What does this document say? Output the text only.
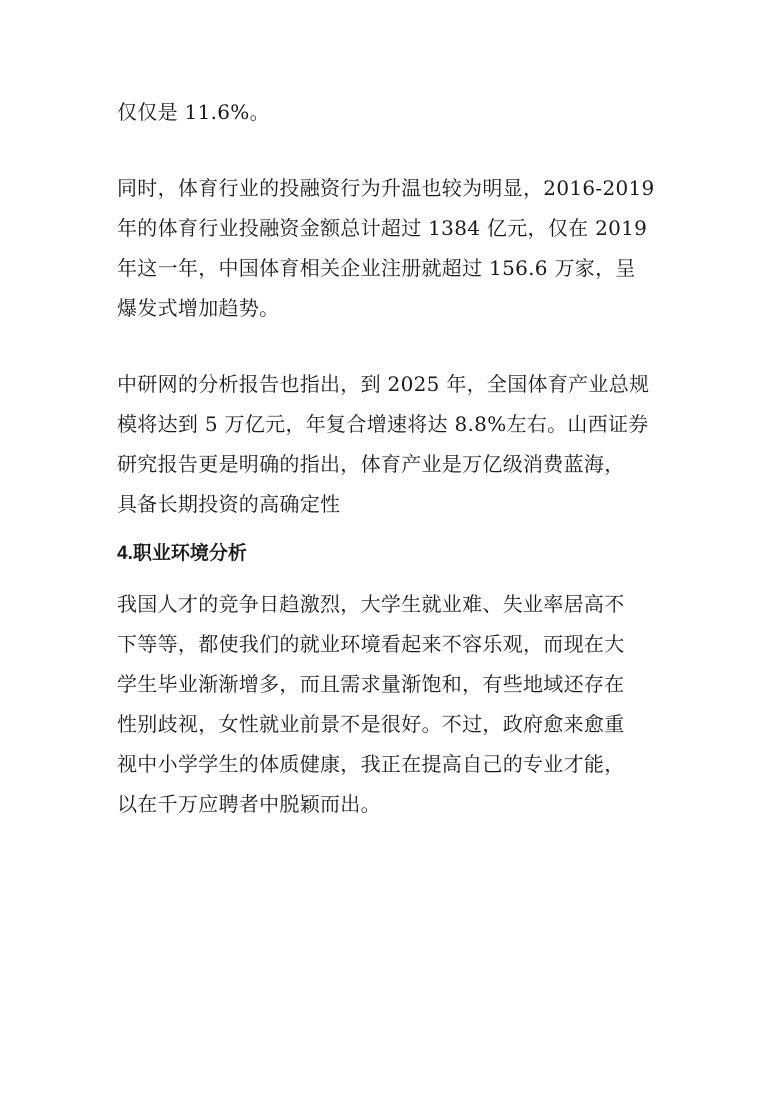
仅仅是 11.6%。

同时，体育行业的投融资行为升温也较为明显，2016-2019
年的体育行业投融资金额总计超过 1384 亿元，仅在 2019
年这一年，中国体育相关企业注册就超过 156.6 万家，呈
爆发式增加趋势。

中研网的分析报告也指出，到 2025 年，全国体育产业总规
模将达到 5 万亿元，年复合增速将达 8.8%左右。山西证券
研究报告更是明确的指出，体育产业是万亿级消费蓝海，
具备长期投资的高确定性

4.职业环境分析

我国人才的竞争日趋激烈，大学生就业难、失业率居高不
下等等，都使我们的就业环境看起来不容乐观，而现在大
学生毕业渐渐增多，而且需求量渐饱和，有些地域还存在
性别歧视，女性就业前景不是很好。不过，政府愈来愈重
视中小学学生的体质健康，我正在提高自己的专业才能，
以在千万应聘者中脱颖而出。
